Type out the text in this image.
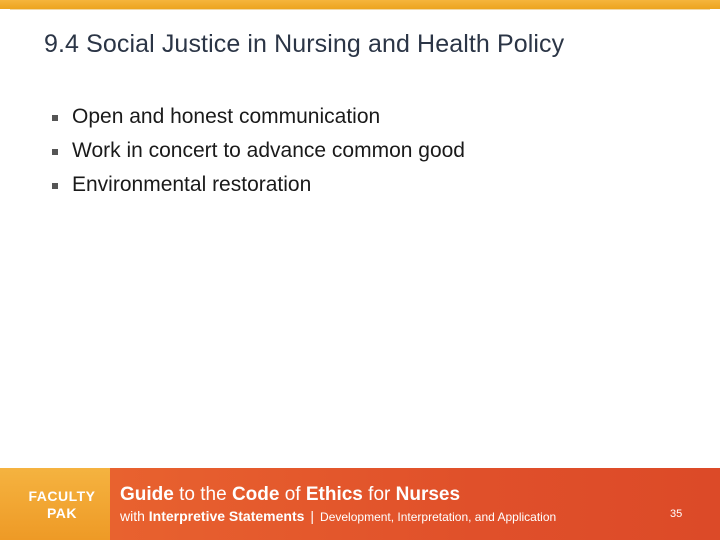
9.4 Social Justice in Nursing and Health Policy
Open and honest communication
Work in concert to advance common good
Environmental restoration
FACULTY
PAK
Guide to the Code of Ethics for Nurses
with Interpretive Statements | Development, Interpretation, and Application	35
